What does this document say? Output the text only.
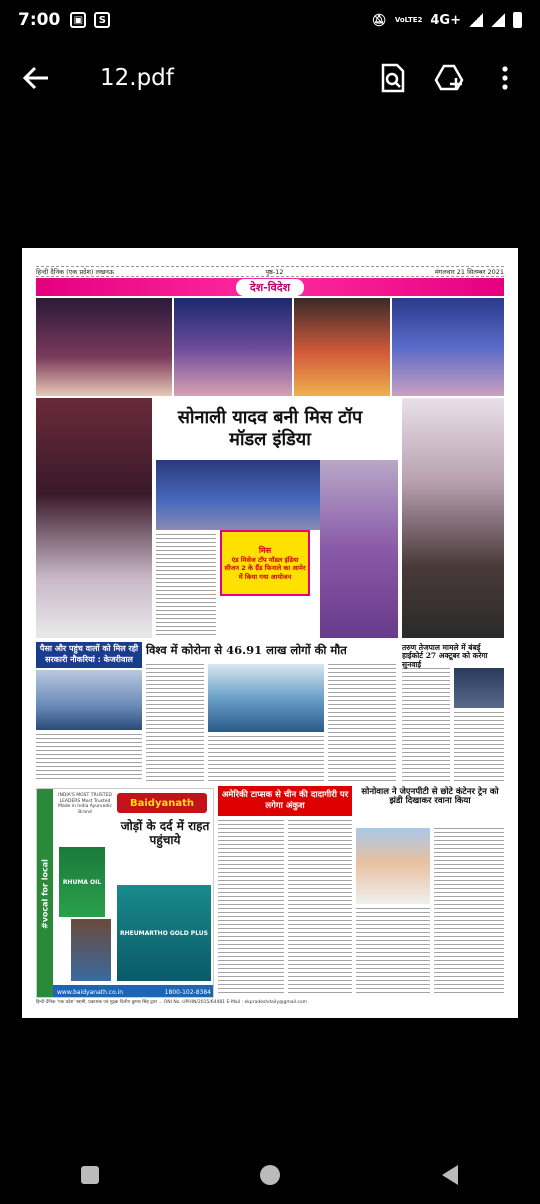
7:00	▣	S	🔕︎ VoLTE2 4G+
12.pdf
हिन्दी दैनिक (एक प्रदेश) लखनऊ	पृष्ठ-12	मंगलवार 21 सितम्बर 2021
देश-विदेश
सोनाली यादव बनी मिस टॉप मॉडल इंडिया
मिस
एंड मिसेज टॉप मॉडल इंडिया सीजन 2 के ग्रैंड फिनाले का आमेर में किया गया आयोजन
पैसा और पहुंच वालों को मिल रही सरकारी नौकरियां : केजरीवाल
विश्व में कोरोना से 46.91 लाख लोगों की मौत	तरुण तेजपाल मामले में बंबई हाईकोर्ट 27 अक्टूबर को करेगा सुनवाई
#vocal for local
INDIA'S MOST TRUSTED LEADERS Most Trusted Made in India Ayurvedic Brand
Baidyanath
जोड़ों के दर्द में राहत पहुंचाये
RHUMA OIL
RHEUMARTHO GOLD PLUS
www.baidyanath.co.in	1800-102-8384
अमेरिकी टाप्सक से चीन की दादागीरी पर लगेगा अंकुश
सोनोवाल ने जेएनपीटी से छोटे कंटेनर ट्रेन को झंडी दिखाकर रवाना किया
हिन्दी दैनिक 'एक प्रदेश' स्वामी, प्रकाशक एवं मुद्रक दिलीप कुमार सिंह द्वारा ... RNI No. UPHIN/2015/64481 E-Mail : ekpradeshdaily@gmail.com
